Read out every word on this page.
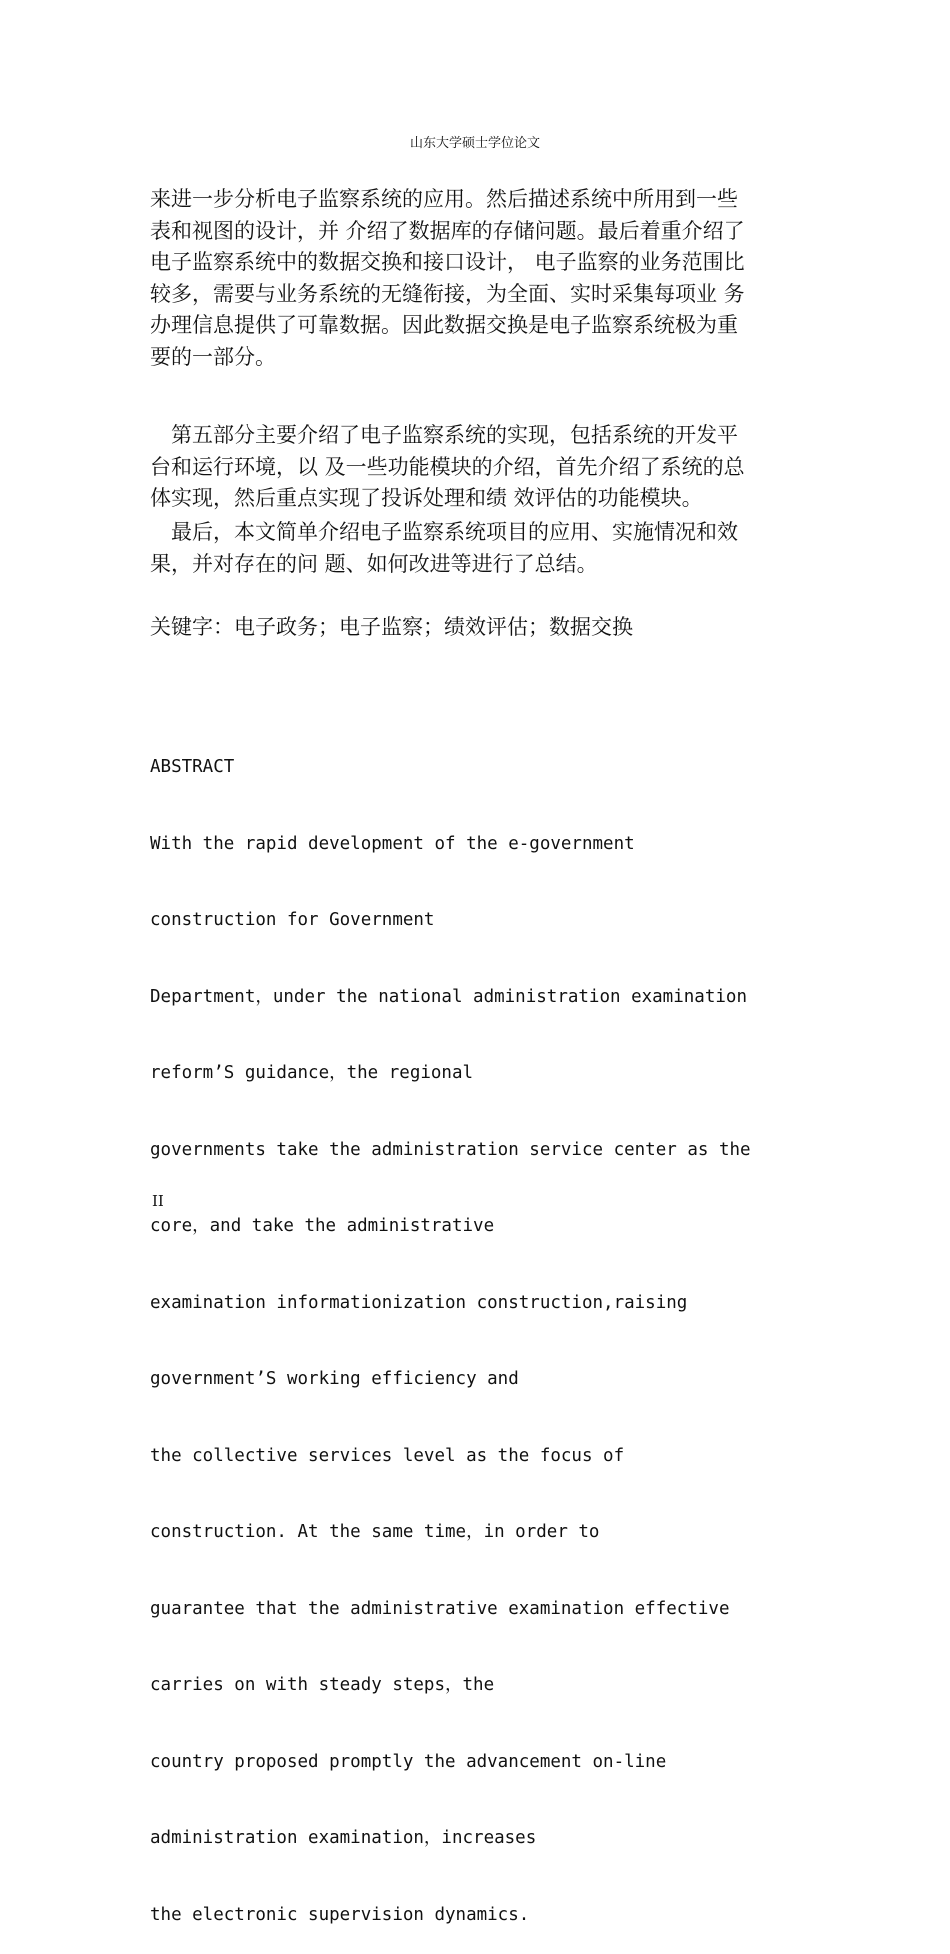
山东大学硕士学位论文
来进一步分析电子监察系统的应用。然后描述系统中所用到一些
表和视图的设计，并 介绍了数据库的存储问题。最后着重介绍了
电子监察系统中的数据交换和接口设计， 电子监察的业务范围比
较多，需要与业务系统的无缝衔接，为全面、实时采集每项业 务
办理信息提供了可靠数据。因此数据交换是电子监察系统极为重
要的一部分。
　第五部分主要介绍了电子监察系统的实现，包括系统的开发平
台和运行环境，以 及一些功能模块的介绍，首先介绍了系统的总
体实现，然后重点实现了投诉处理和绩 效评估的功能模块。
　最后，本文简单介绍电子监察系统项目的应用、实施情况和效
果，并对存在的问 题、如何改进等进行了总结。
关键字：电子政务；电子监察；绩效评估；数据交换

ABSTRACT

With the rapid development of the e-government

construction for Government

Department，under the national administration examination

reform’S guidance，the regional

governments take the administration service center as the

core，and take the administrative

examination informationization construction,raising

government’S working efficiency and

the collective services level as the focus of

construction. At the same time，in order to

guarantee that the administrative examination effective

carries on with steady steps，the

country proposed promptly the advancement on-line

administration examination，increases

the electronic supervision dynamics.

II
